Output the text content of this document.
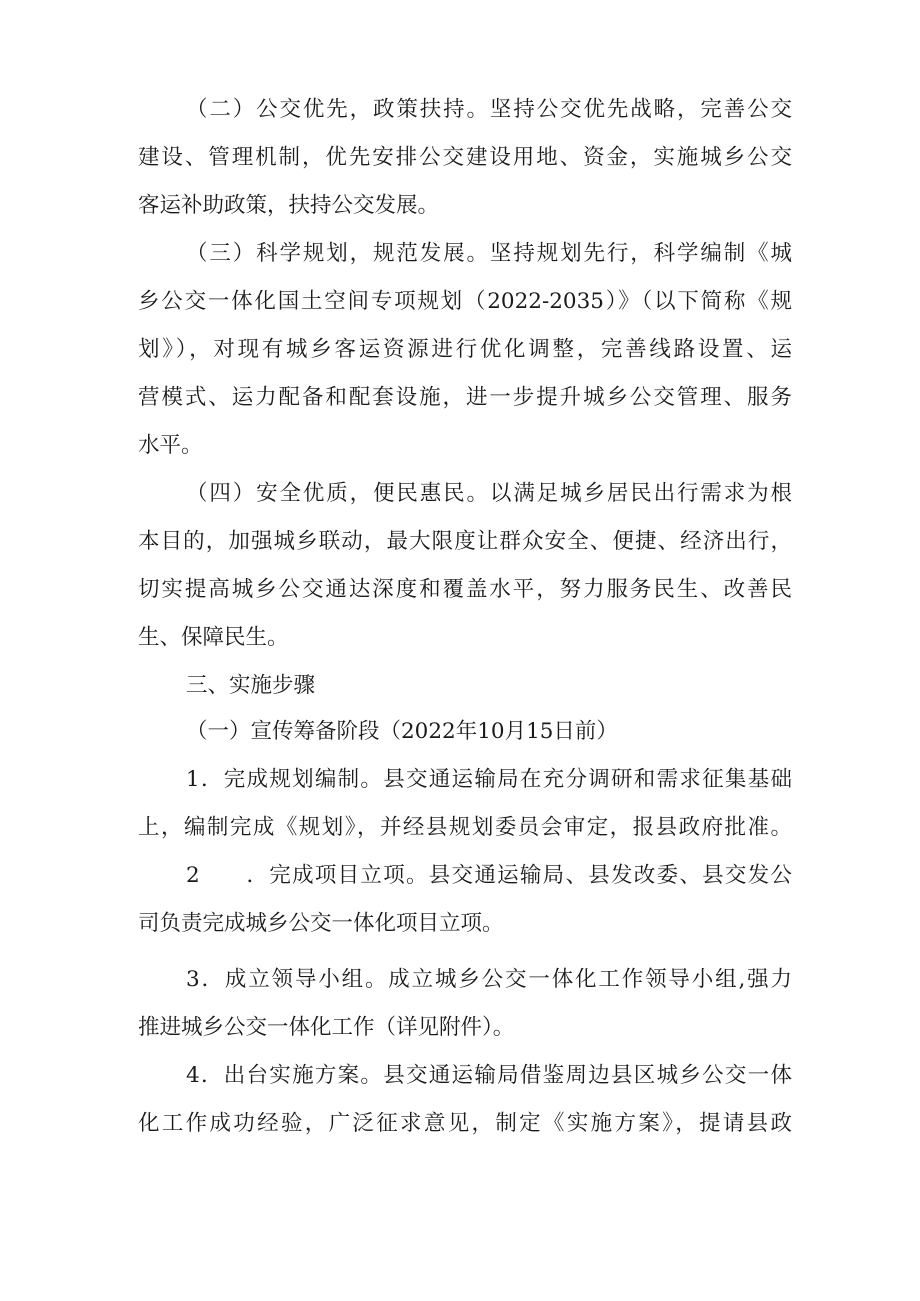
（二）公交优先，政策扶持。坚持公交优先战略，完善公交
建设、管理机制，优先安排公交建设用地、资金，实施城乡公交
客运补助政策，扶持公交发展。
（三）科学规划，规范发展。坚持规划先行，科学编制《城
乡公交一体化国土空间专项规划（2022-2035）》（以下简称《规
划》），对现有城乡客运资源进行优化调整，完善线路设置、运
营模式、运力配备和配套设施，进一步提升城乡公交管理、服务
水平。
（四）安全优质，便民惠民。以满足城乡居民出行需求为根
本目的，加强城乡联动，最大限度让群众安全、便捷、经济出行，
切实提高城乡公交通达深度和覆盖水平，努力服务民生、改善民
生、保障民生。
三、实施步骤
（一）宣传筹备阶段（2022年10月15日前）
1．完成规划编制。县交通运输局在充分调研和需求征集基础
上，编制完成《规划》，并经县规划委员会审定，报县政府批准。
2　　．完成项目立项。县交通运输局、县发改委、县交发公
司负责完成城乡公交一体化项目立项。
3．成立领导小组。成立城乡公交一体化工作领导小组,强力
推进城乡公交一体化工作（详见附件）。
4．出台实施方案。县交通运输局借鉴周边县区城乡公交一体
化工作成功经验，广泛征求意见，制定《实施方案》，提请县政
